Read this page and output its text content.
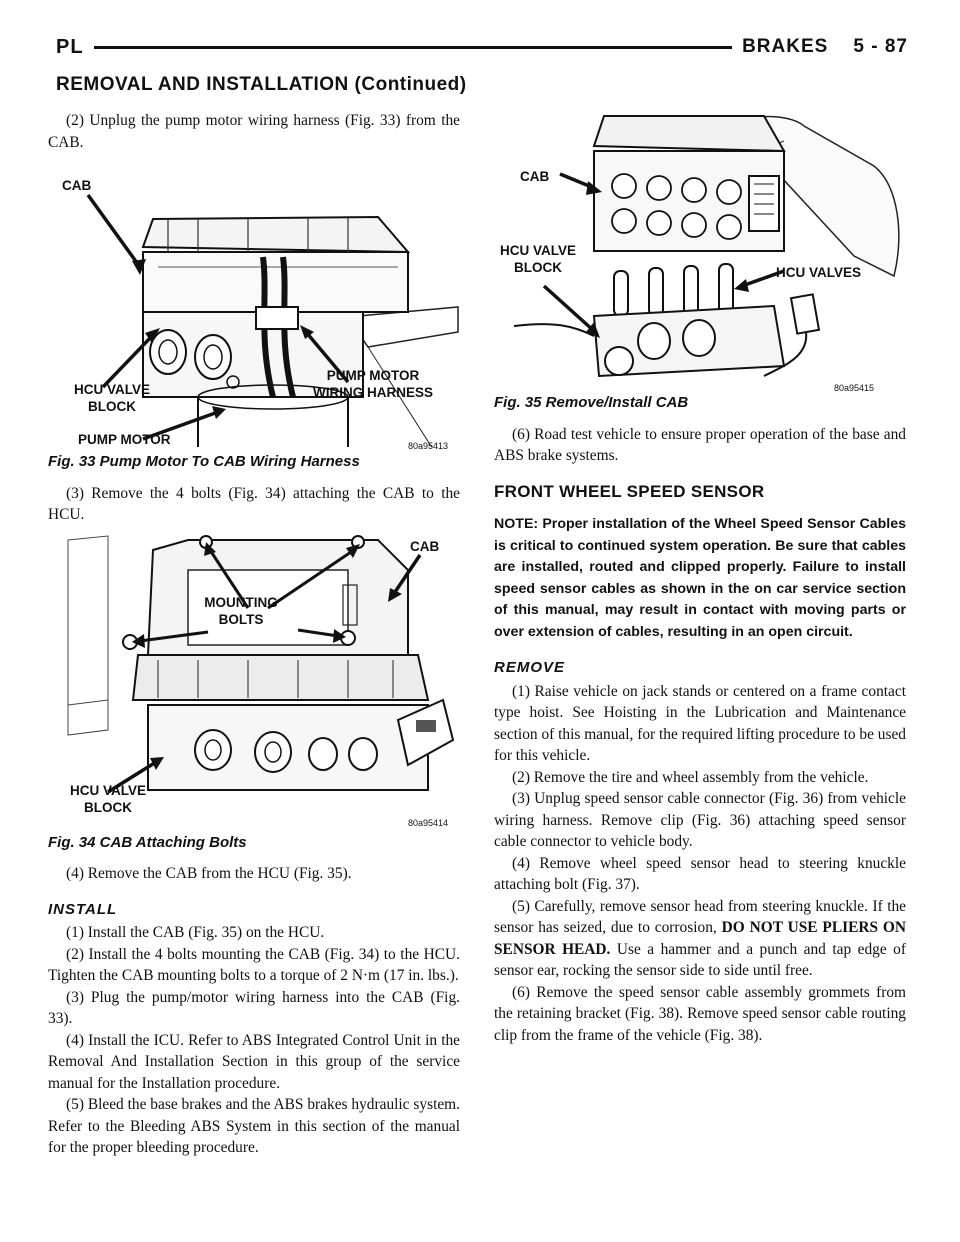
PL	BRAKES    5 - 87
REMOVAL AND INSTALLATION (Continued)

(2) Unplug the pump motor wiring harness (Fig. 33) from the CAB.

CAB
HCU VALVE
BLOCK
PUMP MOTOR
WIRING HARNESS
PUMP MOTOR	80a95413
Fig. 33 Pump Motor To CAB Wiring Harness

(3) Remove the 4 bolts (Fig. 34) attaching the CAB to the HCU.

CAB
MOUNTING
BOLTS
HCU VALVE
BLOCK
80a95414
Fig. 34 CAB Attaching Bolts

(4) Remove the CAB from the HCU (Fig. 35).

INSTALL

(1) Install the CAB (Fig. 35) on the HCU.

(2) Install the 4 bolts mounting the CAB (Fig. 34) to the HCU. Tighten the CAB mounting bolts to a torque of 2 N·m (17 in. lbs.).

(3) Plug the pump/motor wiring harness into the CAB (Fig. 33).

(4) Install the ICU. Refer to ABS Integrated Control Unit in the Removal And Installation Section in this group of the service manual for the Installation procedure.

(5) Bleed the base brakes and the ABS brakes hydraulic system. Refer to the Bleeding ABS System in this section of the manual for the proper bleeding procedure.

CAB
HCU VALVE
BLOCK	HCU VALVES
80a95415
Fig. 35 Remove/Install CAB

(6) Road test vehicle to ensure proper operation of the base and ABS brake systems.

FRONT WHEEL SPEED SENSOR

NOTE: Proper installation of the Wheel Speed Sensor Cables is critical to continued system operation. Be sure that cables are installed, routed and clipped properly. Failure to install speed sensor cables as shown in the on car service section of this manual, may result in contact with moving parts or over extension of cables, resulting in an open circuit.

REMOVE

(1) Raise vehicle on jack stands or centered on a frame contact type hoist. See Hoisting in the Lubrication and Maintenance section of this manual, for the required lifting procedure to be used for this vehicle.

(2) Remove the tire and wheel assembly from the vehicle.

(3) Unplug speed sensor cable connector (Fig. 36) from vehicle wiring harness. Remove clip (Fig. 36) attaching speed sensor cable connector to vehicle body.

(4) Remove wheel speed sensor head to steering knuckle attaching bolt (Fig. 37).

(5) Carefully, remove sensor head from steering knuckle. If the sensor has seized, due to corrosion, DO NOT USE PLIERS ON SENSOR HEAD. Use a hammer and a punch and tap edge of sensor ear, rocking the sensor side to side until free.

(6) Remove the speed sensor cable assembly grommets from the retaining bracket (Fig. 38). Remove speed sensor cable routing clip from the frame of the vehicle (Fig. 38).
